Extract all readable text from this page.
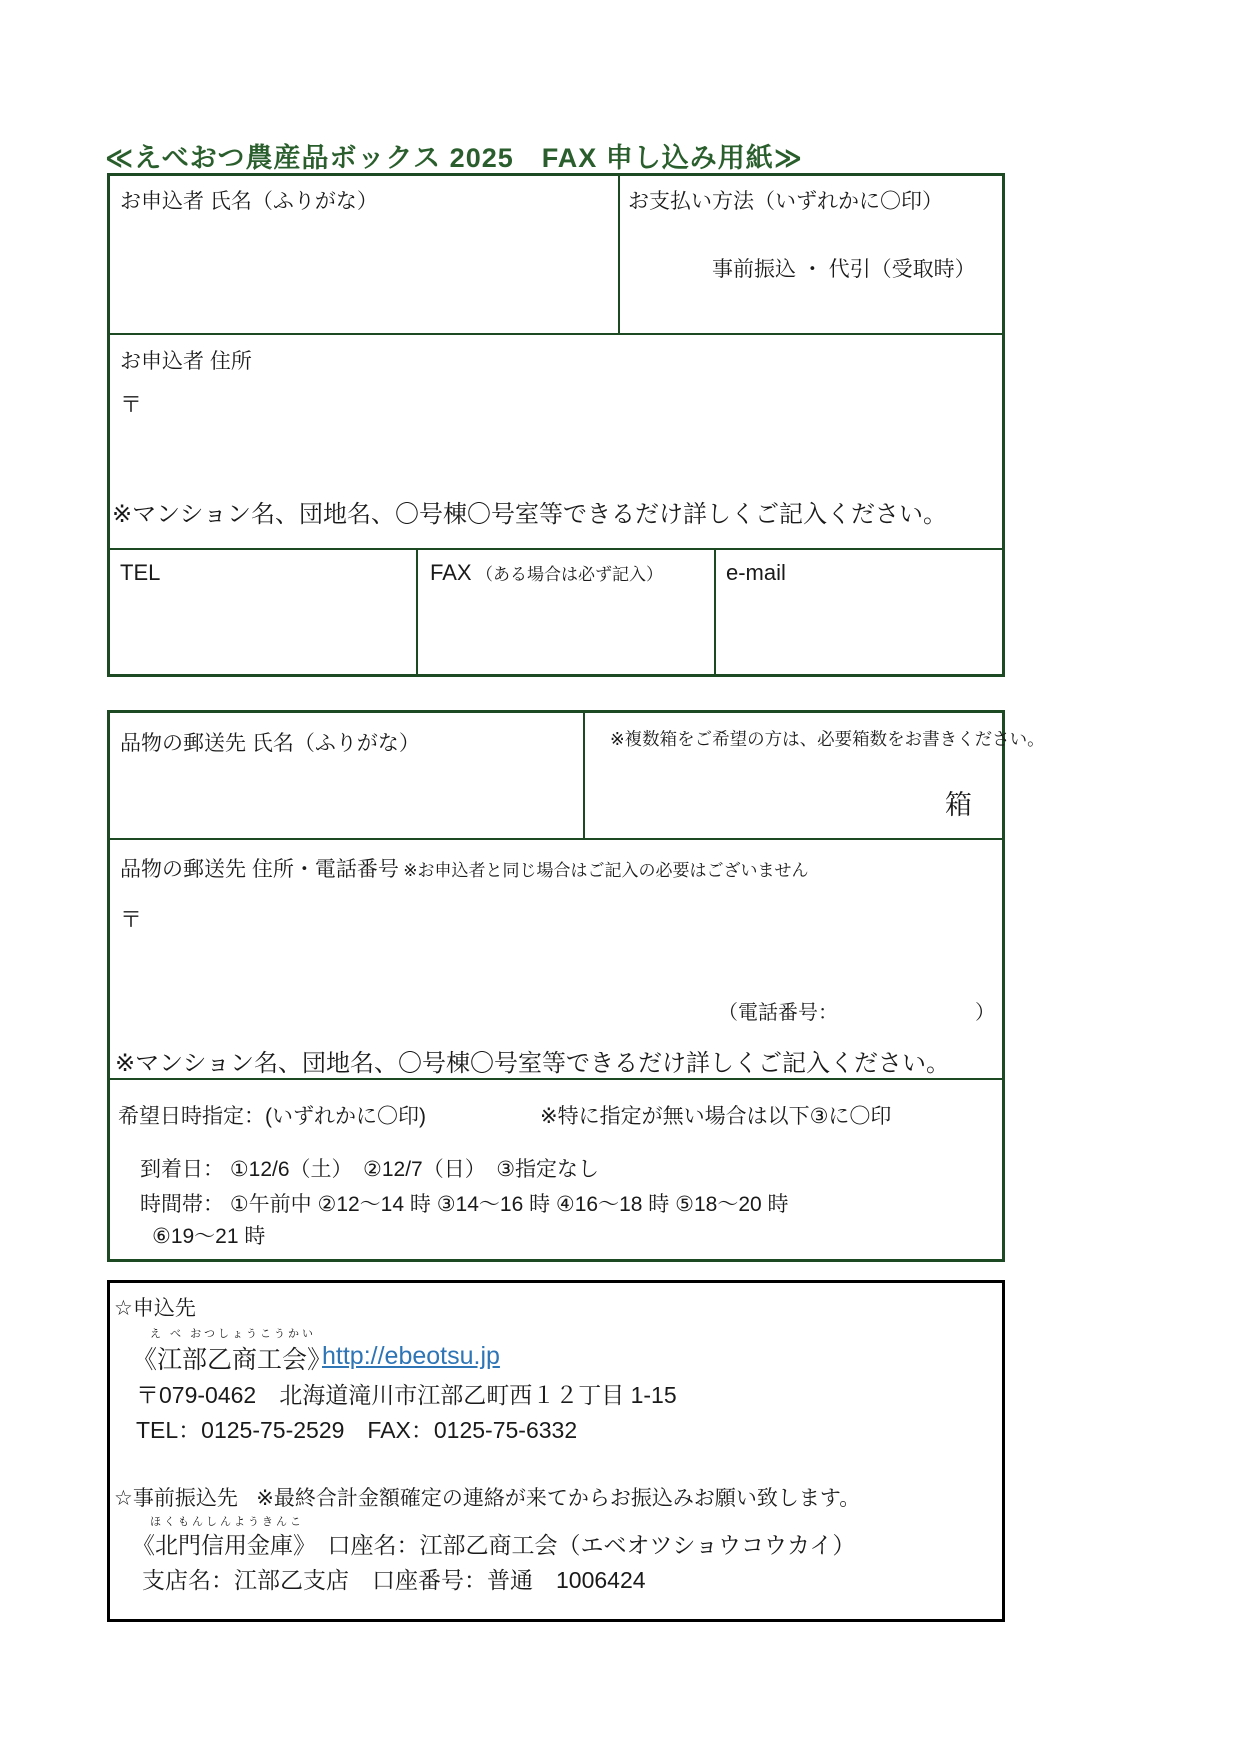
≪えべおつ農産品ボックス 2025　FAX 申し込み用紙≫
お申込者 氏名（ふりがな）	お支払い方法（いずれかに〇印）
事前振込 ・ 代引（受取時）
お申込者 住所
〒
※マンション名、団地名、〇号棟〇号室等できるだけ詳しくご記入ください。
TEL	FAX （ある場合は必ず記入）	e-mail
品物の郵送先 氏名（ふりがな）	※複数箱をご希望の方は、必要箱数をお書きください。
箱
品物の郵送先 住所・電話番号 ※お申込者と同じ場合はご記入の必要はございません
〒
（電話番号：	）
※マンション名、団地名、〇号棟〇号室等できるだけ詳しくご記入ください。
希望日時指定：(いずれかに〇印)	※特に指定が無い場合は以下③に〇印
到着日： ①12/6（土）　②12/7（日）　③指定なし
時間帯： ①午前中 ②12～14 時 ③14～16 時 ④16～18 時 ⑤18～20 時
⑥19～21 時
☆申込先
え べ おつしょうこうかい
《江部乙商工会》
http://ebeotsu.jp
〒079-0462　北海道滝川市江部乙町西１２丁目 1-15
TEL：0125-75-2529　FAX：0125-75-6332
☆事前振込先 ※最終合計金額確定の連絡が来てからお振込みお願い致します。
ほくもんしんようきんこ
《北門信用金庫》　口座名：江部乙商工会（エベオツショウコウカイ）
支店名：江部乙支店　口座番号：普通　1006424
